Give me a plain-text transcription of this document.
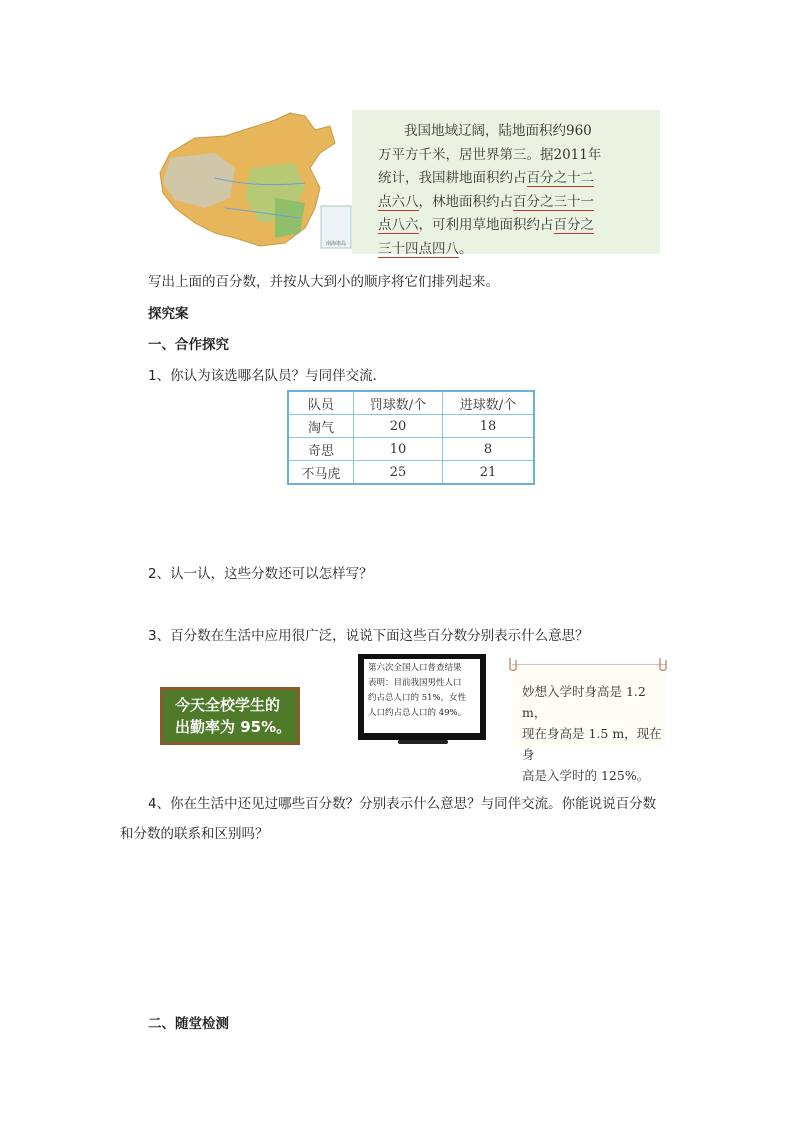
南海诸岛
我国地域辽阔，陆地面积约960
万平方千米，居世界第三。据2011年
统计，我国耕地面积约占百分之十二
点六八，林地面积约占百分之三十一
点八六，可利用草地面积约占百分之
三十四点四八。
写出上面的百分数，并按从大到小的顺序将它们排列起来。
探究案
一、合作探究
1、你认为该选哪名队员？与同伴交流．
队员	罚球数/个	进球数/个
淘气	20	18
奇思	10	8
不马虎	25	21
2、认一认，这些分数还可以怎样写？
3、百分数在生活中应用很广泛，说说下面这些百分数分别表示什么意思？
今天全校学生的
出勤率为 95%。
第六次全国人口普查结果
表明：目前我国男性人口
约占总人口的 51%，女性
人口约占总人口的 49%。
妙想入学时身高是 1.2 m，
现在身高是 1.5 m，现在身
高是入学时的 125%。
4、你在生活中还见过哪些百分数？分别表示什么意思？与同伴交流。你能说说百分数
和分数的联系和区别吗？
二、随堂检测
